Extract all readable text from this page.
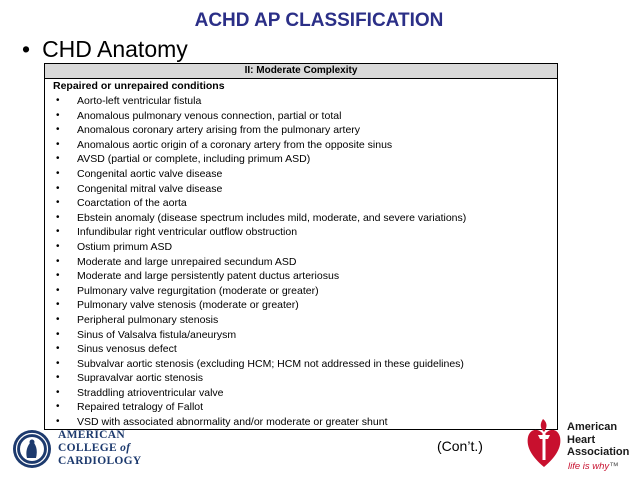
ACHD AP CLASSIFICATION
• CHD Anatomy
II: Moderate Complexity
Repaired or unrepaired conditions
• Aorto-left ventricular fistula
• Anomalous pulmonary venous connection, partial or total
• Anomalous coronary artery arising from the pulmonary artery
• Anomalous aortic origin of a coronary artery from the opposite sinus
• AVSD (partial or complete, including primum ASD)
• Congenital aortic valve disease
• Congenital mitral valve disease
• Coarctation of the aorta
• Ebstein anomaly (disease spectrum includes mild, moderate, and severe variations)
• Infundibular right ventricular outflow obstruction
• Ostium primum ASD
• Moderate and large unrepaired secundum ASD
• Moderate and large persistently patent ductus arteriosus
• Pulmonary valve regurgitation (moderate or greater)
• Pulmonary valve stenosis (moderate or greater)
• Peripheral pulmonary stenosis
• Sinus of Valsalva fistula/aneurysm
• Sinus venosus defect
• Subvalvar aortic stenosis (excluding HCM; HCM not addressed in these guidelines)
• Supravalvar aortic stenosis
• Straddling atrioventricular valve
• Repaired tetralogy of Fallot
• VSD with associated abnormality and/or moderate or greater shunt
(Con’t.)
AMERICAN
COLLEGE of
CARDIOLOGY
American
Heart
Association
life is why™
